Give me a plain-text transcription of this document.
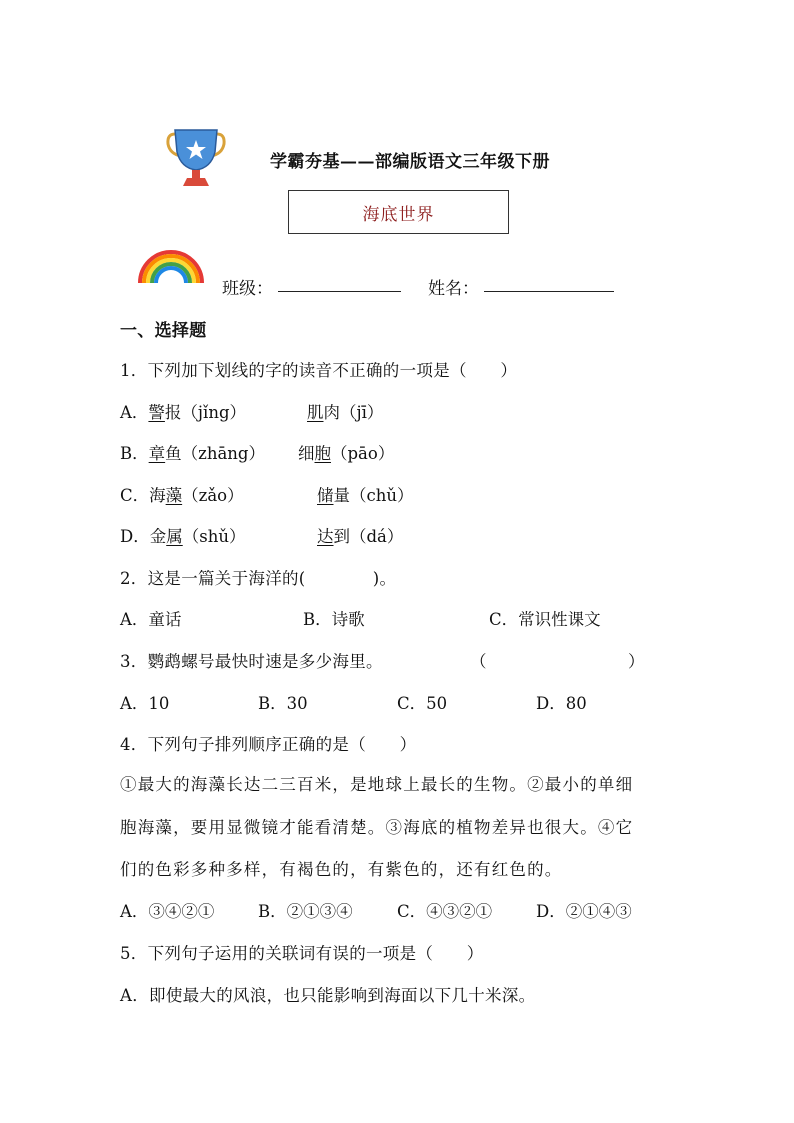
学霸夯基——部编版语文三年级下册
海底世界
班级：	姓名：
一、选择题
1．下列加下划线的字的读音不正确的一项是（　　）
A．警报（jǐng）	肌肉（jī）
B．章鱼（zhāng） 细胞（pāo）
C．海藻（zǎo）	储量（chǔ）
D．金属（shǔ）	达到（dá）
2．这是一篇关于海洋的(　　　　)。
A．童话	B．诗歌	C．常识性课文
3．鹦鹉螺号最快时速是多少海里。	（	）
A．10	B．30	C．50	D．80
4．下列句子排列顺序正确的是（　　）
①最大的海藻长达二三百米，是地球上最长的生物。②最小的单细
胞海藻，要用显微镜才能看清楚。③海底的植物差异也很大。④它
们的色彩多种多样，有褐色的，有紫色的，还有红色的。
A．③④②①	B．②①③④	C．④③②①	D．②①④③
5．下列句子运用的关联词有误的一项是（　　）
A．即使最大的风浪，也只能影响到海面以下几十米深。
